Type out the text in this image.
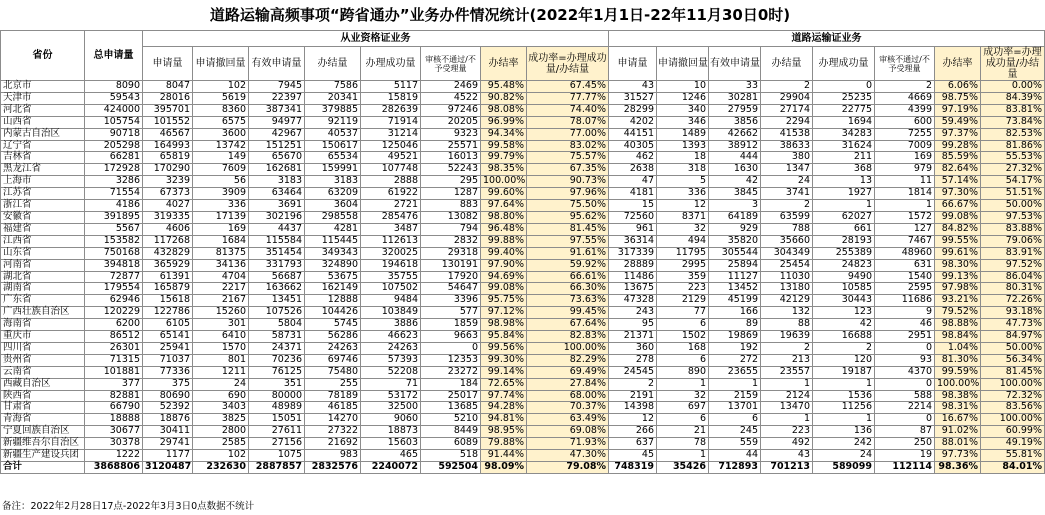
道路运输高频事项“跨省通办”业务办件情况统计(2022年1月1日-22年11月30日0时)
省份	总申请量	从业资格证业务								道路运输证业务							
		申请量	申请撤回量	有效申请量	办结量	办理成功量	审核不通过/不予受理量	办结率	成功率=办理成功量/办结量	申请量	申请撤回量	有效申请量	办结量	办理成功量	审核不通过/不予受理量	办结率	成功率=办理成功量/办结量
北京市	8090	8047	102	7945	7586	5117	2469	95.48%	67.45%	43	10	33	2	0	2	6.06%	0.00%
天津市	59543	28016	5619	22397	20341	15819	4522	90.82%	77.77%	31527	1246	30281	29904	25235	4669	98.75%	84.39%
河北省	424000	395701	8360	387341	379885	282639	97246	98.08%	74.40%	28299	340	27959	27174	22775	4399	97.19%	83.81%
山西省	105754	101552	6575	94977	92119	71914	20205	96.99%	78.07%	4202	346	3856	2294	1694	600	59.49%	73.84%
内蒙古自治区	90718	46567	3600	42967	40537	31214	9323	94.34%	77.00%	44151	1489	42662	41538	34283	7255	97.37%	82.53%
辽宁省	205298	164993	13742	151251	150617	125046	25571	99.58%	83.02%	40305	1393	38912	38633	31624	7009	99.28%	81.86%
吉林省	66281	65819	149	65670	65534	49521	16013	99.79%	75.57%	462	18	444	380	211	169	85.59%	55.53%
黑龙江省	172928	170290	7609	162681	159991	107748	52243	98.35%	67.35%	2638	318	1630	1347	368	979	82.64%	27.32%
上海市	3286	3239	56	3183	3183	2888	295	100.00%	90.73%	47	5	42	24	13	11	57.14%	54.17%
江苏省	71554	67373	3909	63464	63209	61922	1287	99.60%	97.96%	4181	336	3845	3741	1927	1814	97.30%	51.51%
浙江省	4186	4027	336	3691	3604	2721	883	97.64%	75.50%	15	12	3	2	1	1	66.67%	50.00%
安徽省	391895	319335	17139	302196	298558	285476	13082	98.80%	95.62%	72560	8371	64189	63599	62027	1572	99.08%	97.53%
福建省	5567	4606	169	4437	4281	3487	794	96.48%	81.45%	961	32	929	788	661	127	84.82%	83.88%
江西省	153582	117268	1684	115584	115445	112613	2832	99.88%	97.55%	36314	494	35820	35660	28193	7467	99.55%	79.06%
山东省	750168	432829	81375	351454	349343	320025	29318	99.40%	91.61%	317339	11795	305544	304349	255389	48960	99.61%	83.91%
河南省	394818	365929	34136	331793	324890	194618	130191	97.90%	59.92%	28889	2995	25894	25454	24823	631	98.30%	97.52%
湖北省	72877	61391	4704	56687	53675	35755	17920	94.69%	66.61%	11486	359	11127	11030	9490	1540	99.13%	86.04%
湖南省	179554	165879	2217	163662	162149	107502	54647	99.08%	66.30%	13675	223	13452	13180	10585	2595	97.98%	80.31%
广东省	62946	15618	2167	13451	12888	9484	3396	95.75%	73.63%	47328	2129	45199	42129	30443	11686	93.21%	72.26%
广西壮族自治区	120229	122786	15260	107526	104426	103849	577	97.12%	99.45%	243	77	166	132	123	9	79.52%	93.18%
海南省	6200	6105	301	5804	5745	3886	1859	98.98%	67.64%	95	6	89	88	42	46	98.88%	47.73%
重庆市	86512	65141	6410	58731	56286	46623	9663	95.84%	82.83%	21371	1502	19869	19639	16688	2951	98.84%	84.97%
四川省	26301	25941	1570	24371	24263	24263	0	99.56%	100.00%	360	168	192	2	2	0	1.04%	50.00%
贵州省	71315	71037	801	70236	69746	57393	12353	99.30%	82.29%	278	6	272	213	120	93	81.30%	56.34%
云南省	101881	77336	1211	76125	75480	52208	23272	99.14%	69.49%	24545	890	23655	23557	19187	4370	99.59%	81.45%
西藏自治区	377	375	24	351	255	71	184	72.65%	27.84%	2	1	1	1	1	0	100.00%	100.00%
陕西省	82881	80690	690	80000	78189	53172	25017	97.74%	68.00%	2191	32	2159	2124	1536	588	98.38%	72.32%
甘肃省	66790	52392	3403	48989	46185	32500	13685	94.28%	70.37%	14398	697	13701	13470	11256	2214	98.31%	83.56%
青海省	18888	18876	3825	15051	14270	9060	5210	94.81%	63.49%	12	6	6	1	1	0	16.67%	100.00%
宁夏回族自治区	30677	30411	2800	27611	27322	18873	8449	98.95%	69.08%	266	21	245	223	136	87	91.02%	60.99%
新疆维吾尔自治区	30378	29741	2585	27156	21692	15603	6089	79.88%	71.93%	637	78	559	492	242	250	88.01%	49.19%
新疆生产建设兵团	1222	1177	102	1075	983	465	518	91.44%	47.30%	45	1	44	43	24	19	97.73%	55.81%
合计	3868806	3120487	232630	2887857	2832576	2240072	592504	98.09%	79.08%	748319	35426	712893	701213	589099	112114	98.36%	84.01%
备注：2022年2月28日17点-2022年3月3日0点数据不统计
